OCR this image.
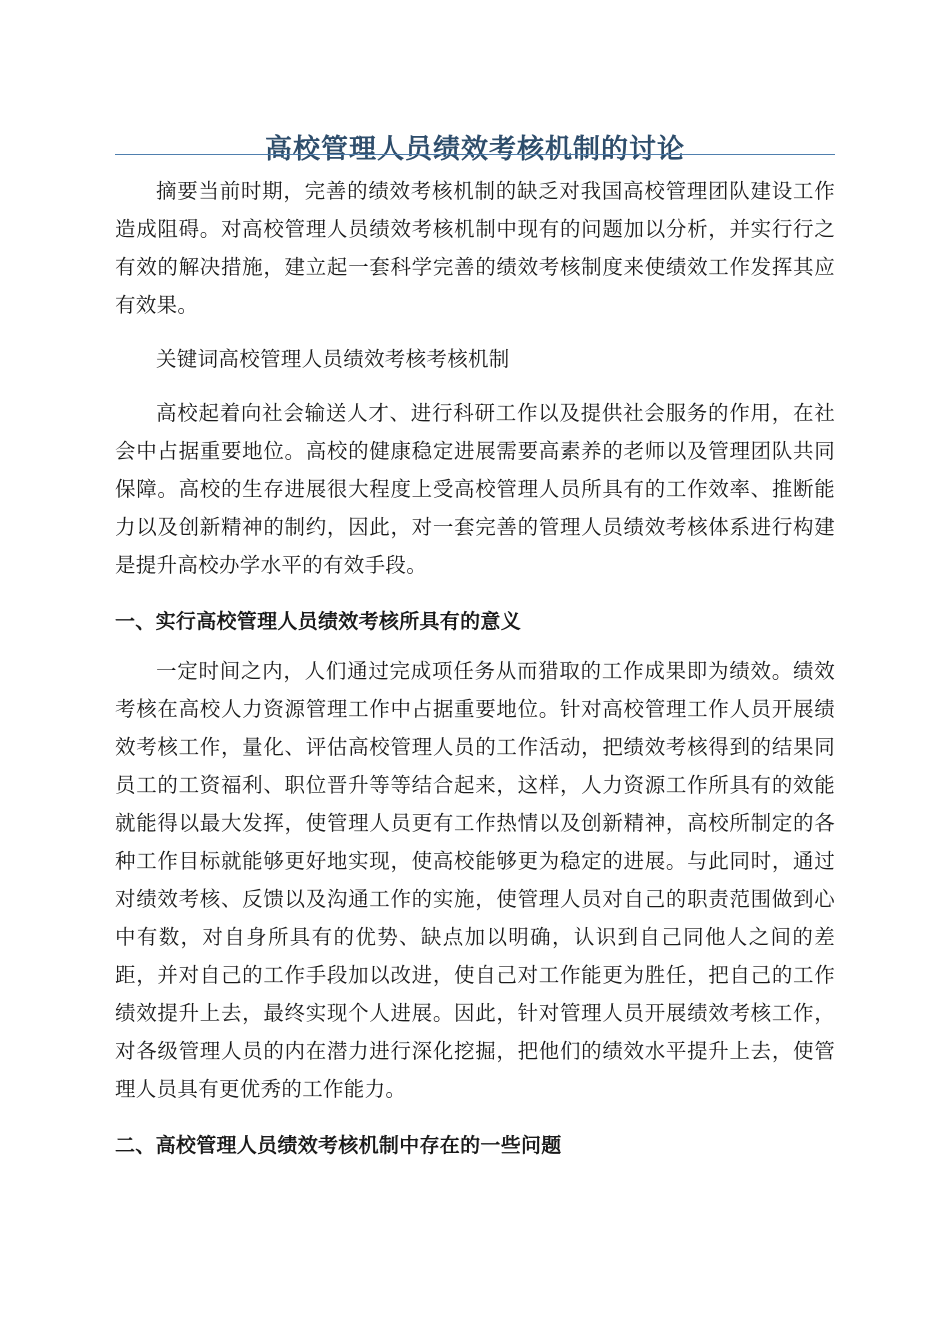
高校管理人员绩效考核机制的讨论

摘要当前时期，完善的绩效考核机制的缺乏对我国高校管理团队建设工作造成阻碍。对高校管理人员绩效考核机制中现有的问题加以分析，并实行行之有效的解决措施，建立起一套科学完善的绩效考核制度来使绩效工作发挥其应有效果。

关键词高校管理人员绩效考核考核机制

高校起着向社会输送人才、进行科研工作以及提供社会服务的作用，在社会中占据重要地位。高校的健康稳定进展需要高素养的老师以及管理团队共同保障。高校的生存进展很大程度上受高校管理人员所具有的工作效率、推断能力以及创新精神的制约，因此，对一套完善的管理人员绩效考核体系进行构建是提升高校办学水平的有效手段。

一、实行高校管理人员绩效考核所具有的意义

一定时间之内，人们通过完成项任务从而猎取的工作成果即为绩效。绩效考核在高校人力资源管理工作中占据重要地位。针对高校管理工作人员开展绩效考核工作，量化、评估高校管理人员的工作活动，把绩效考核得到的结果同员工的工资福利、职位晋升等等结合起来，这样，人力资源工作所具有的效能就能得以最大发挥，使管理人员更有工作热情以及创新精神，高校所制定的各种工作目标就能够更好地实现，使高校能够更为稳定的进展。与此同时，通过对绩效考核、反馈以及沟通工作的实施，使管理人员对自己的职责范围做到心中有数，对自身所具有的优势、缺点加以明确，认识到自己同他人之间的差距，并对自己的工作手段加以改进，使自己对工作能更为胜任，把自己的工作绩效提升上去，最终实现个人进展。因此，针对管理人员开展绩效考核工作，对各级管理人员的内在潜力进行深化挖掘，把他们的绩效水平提升上去，使管理人员具有更优秀的工作能力。

二、高校管理人员绩效考核机制中存在的一些问题
